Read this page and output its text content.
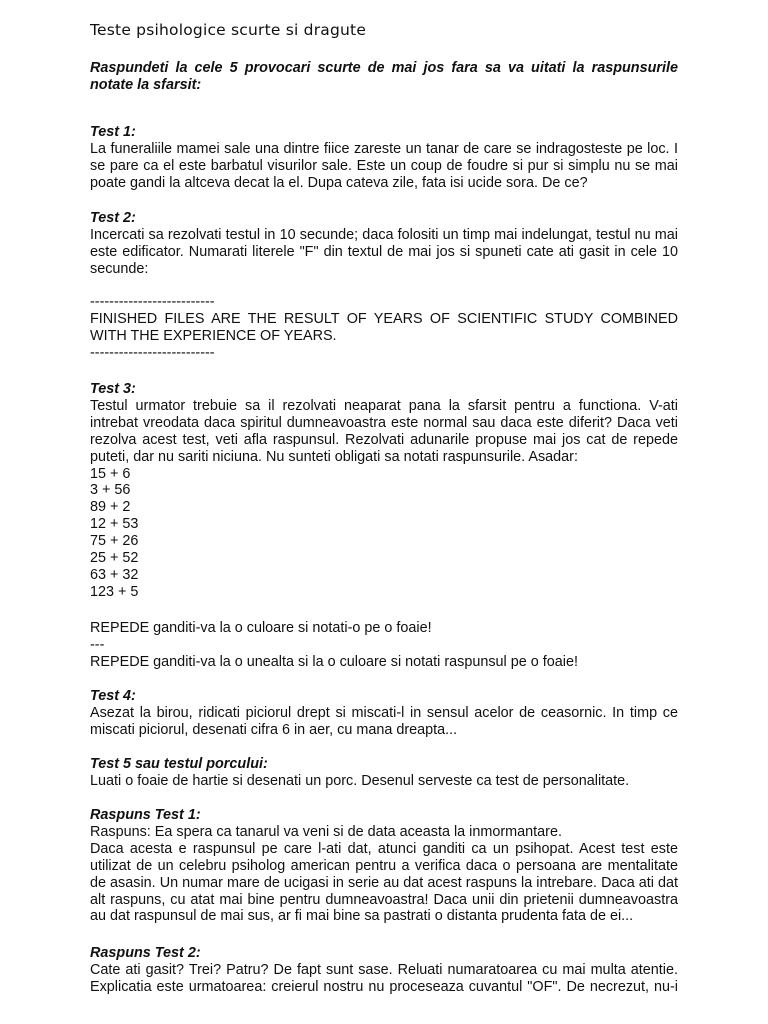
Teste psihologice scurte si dragute

Raspundeti la cele 5 provocari scurte de mai jos fara sa va uitati la raspunsurile notate la sfarsit:

Test 1:
La funeraliile mamei sale una dintre fiice zareste un tanar de care se indragosteste pe loc. I se pare ca el este barbatul visurilor sale. Este un coup de foudre si pur si simplu nu se mai poate gandi la altceva decat la el. Dupa cateva zile, fata isi ucide sora. De ce?
Test 2:
Incercati sa rezolvati testul in 10 secunde; daca folositi un timp mai indelungat, testul nu mai este edificator. Numarati literele "F" din textul de mai jos si spuneti cate ati gasit in cele 10 secunde:
--------------------------
FINISHED FILES ARE THE RESULT OF YEARS OF SCIENTIFIC STUDY COMBINED
WITH THE EXPERIENCE OF YEARS.
--------------------------
Test 3:
Testul urmator trebuie sa il rezolvati neaparat pana la sfarsit pentru a functiona. V-ati intrebat vreodata daca spiritul dumneavoastra este normal sau daca este diferit? Daca veti rezolva acest test, veti afla raspunsul. Rezolvati adunarile propuse mai jos cat de repede puteti, dar nu sariti niciuna. Nu sunteti obligati sa notati raspunsurile. Asadar:
15 + 6
3 + 56
89 + 2
12 + 53
75 + 26
25 + 52
63 + 32
123 + 5
REPEDE ganditi-va la o culoare si notati-o pe o foaie!
---
REPEDE ganditi-va la o unealta si la o culoare si notati raspunsul pe o foaie!
Test 4:
Asezat la birou, ridicati piciorul drept si miscati-l in sensul acelor de ceasornic. In timp ce miscati piciorul, desenati cifra 6 in aer, cu mana dreapta...
Test 5 sau testul porcului:
Luati o foaie de hartie si desenati un porc. Desenul serveste ca test de personalitate.
Raspuns Test 1:
Raspuns: Ea spera ca tanarul va veni si de data aceasta la inmormantare.
Daca acesta e raspunsul pe care l-ati dat, atunci ganditi ca un psihopat. Acest test este utilizat de un celebru psiholog american pentru a verifica daca o persoana are mentalitate de asasin. Un numar mare de ucigasi in serie au dat acest raspuns la intrebare. Daca ati dat alt raspuns, cu atat mai bine pentru dumneavoastra! Daca unii din prietenii dumneavoastra au dat raspunsul de mai sus, ar fi mai bine sa pastrati o distanta prudenta fata de ei...
Raspuns Test 2:
Cate ati gasit? Trei? Patru? De fapt sunt sase. Reluati numaratoarea cu mai multa atentie.
Explicatia este urmatoarea: creierul nostru nu proceseaza cuvantul "OF". De necrezut, nu-i
